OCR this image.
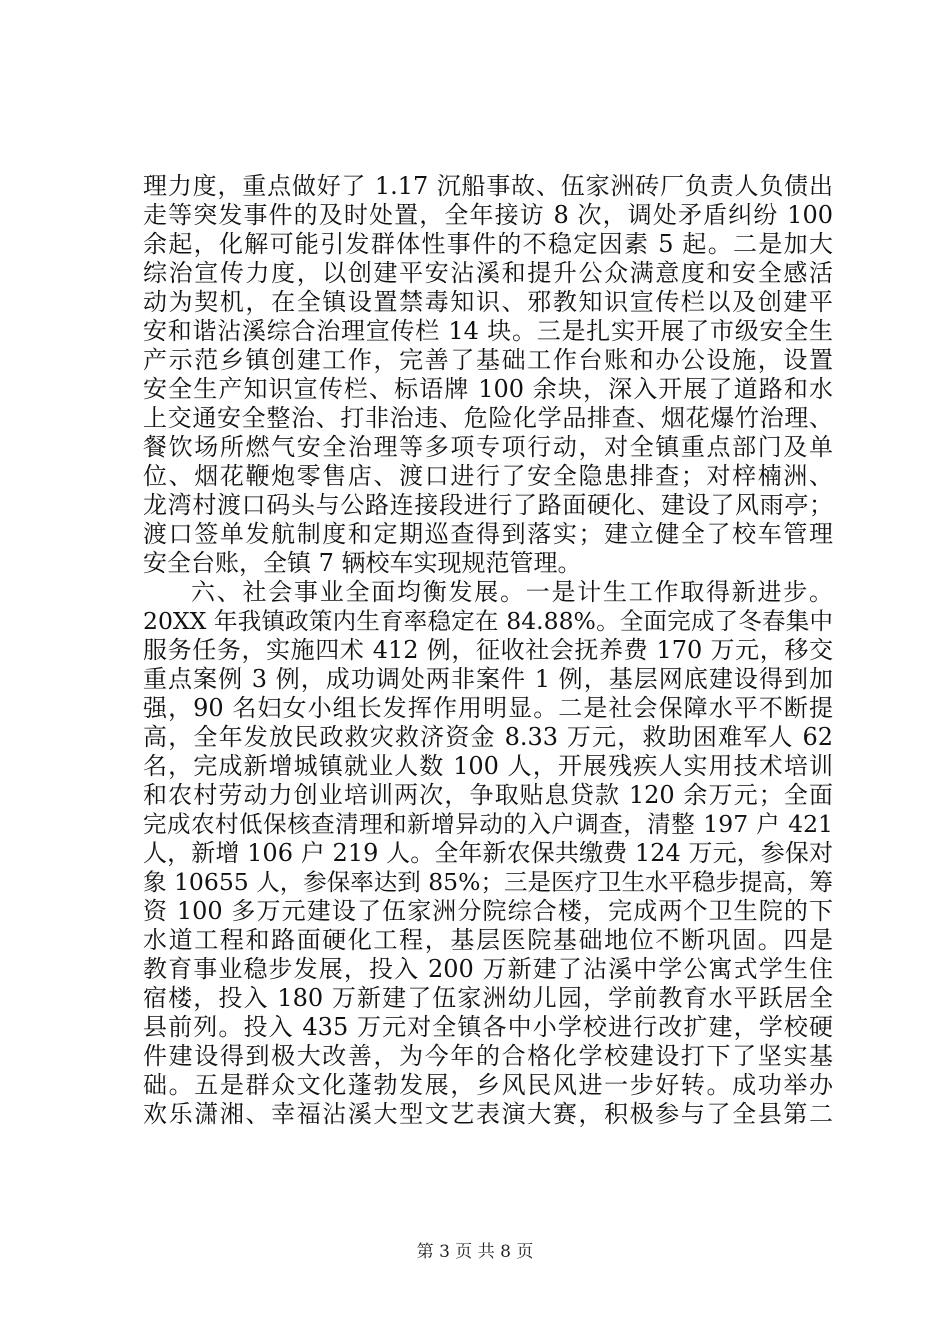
理力度，重点做好了 1.17 沉船事故、伍家洲砖厂负责人负债出
走等突发事件的及时处置，全年接访 8 次，调处矛盾纠纷 100
余起，化解可能引发群体性事件的不稳定因素 5 起。二是加大
综治宣传力度，以创建平安沾溪和提升公众满意度和安全感活
动为契机，在全镇设置禁毒知识、邪教知识宣传栏以及创建平
安和谐沾溪综合治理宣传栏 14 块。三是扎实开展了市级安全生
产示范乡镇创建工作，完善了基础工作台账和办公设施，设置
安全生产知识宣传栏、标语牌 100 余块，深入开展了道路和水
上交通安全整治、打非治违、危险化学品排查、烟花爆竹治理、
餐饮场所燃气安全治理等多项专项行动，对全镇重点部门及单
位、烟花鞭炮零售店、渡口进行了安全隐患排查；对梓楠洲、
龙湾村渡口码头与公路连接段进行了路面硬化、建设了风雨亭；
渡口签单发航制度和定期巡查得到落实；建立健全了校车管理
安全台账，全镇 7 辆校车实现规范管理。
六、社会事业全面均衡发展。一是计生工作取得新进步。
20XX 年我镇政策内生育率稳定在 84.88%。全面完成了冬春集中
服务任务，实施四术 412 例，征收社会抚养费 170 万元，移交
重点案例 3 例，成功调处两非案件 1 例，基层网底建设得到加
强，90 名妇女小组长发挥作用明显。二是社会保障水平不断提
高，全年发放民政救灾救济资金 8.33 万元，救助困难军人 62
名，完成新增城镇就业人数 100 人，开展残疾人实用技术培训
和农村劳动力创业培训两次，争取贴息贷款 120 余万元；全面
完成农村低保核查清理和新增异动的入户调查，清整 197 户 421
人，新增 106 户 219 人。全年新农保共缴费 124 万元，参保对
象 10655 人，参保率达到 85%；三是医疗卫生水平稳步提高，筹
资 100 多万元建设了伍家洲分院综合楼，完成两个卫生院的下
水道工程和路面硬化工程，基层医院基础地位不断巩固。四是
教育事业稳步发展，投入 200 万新建了沾溪中学公寓式学生住
宿楼，投入 180 万新建了伍家洲幼儿园，学前教育水平跃居全
县前列。投入 435 万元对全镇各中小学校进行改扩建，学校硬
件建设得到极大改善，为今年的合格化学校建设打下了坚实基
础。五是群众文化蓬勃发展，乡风民风进一步好转。成功举办
欢乐潇湘、幸福沾溪大型文艺表演大赛，积极参与了全县第二
第 3 页 共 8 页
